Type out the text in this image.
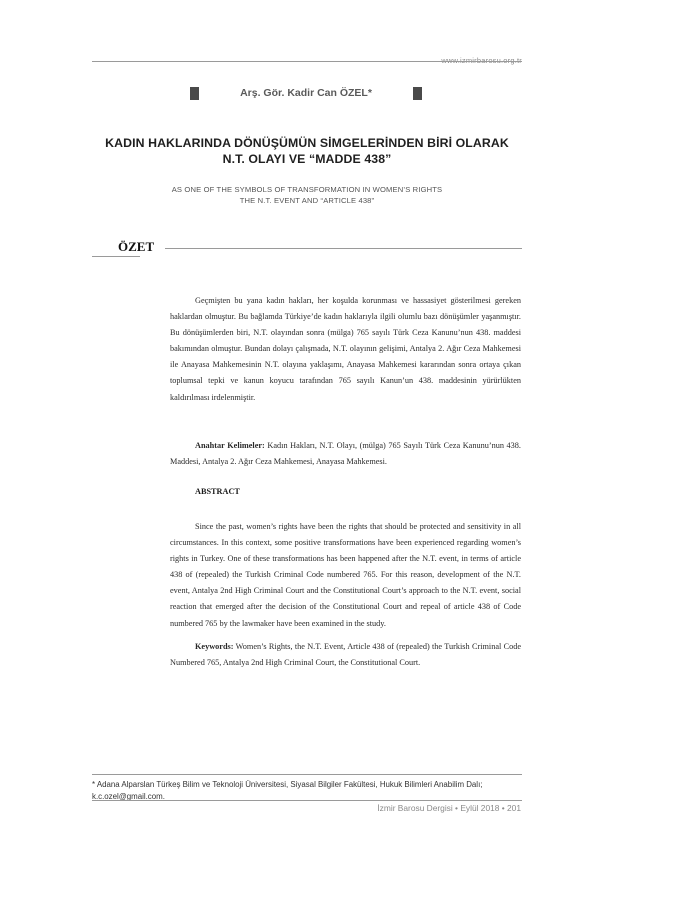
Arş. Gör. Kadir Can ÖZEL*
KADIN HAKLARINDA DÖNÜŞÜMÜN SİMGELERİNDEN BİRİ OLARAK
N.T. OLAYI VE “MADDE 438”
AS ONE OF THE SYMBOLS OF TRANSFORMATION IN WOMEN’S RIGHTS
THE N.T. EVENT AND “ARTICLE 438”
ÖZET

Geçmişten bu yana kadın hakları, her koşulda korunması ve hassasiyet gösterilmesi gereken haklardan olmuştur. Bu bağlamda Türkiye’de kadın haklarıyla ilgili olumlu bazı dönüşümler yaşanmıştır. Bu dönüşümlerden biri, N.T. olayından sonra (mülga) 765 sayılı Türk Ceza Kanunu’nun 438. maddesi bakımından olmuştur. Bundan dolayı çalışmada, N.T. olayının gelişimi, Antalya 2. Ağır Ceza Mahkemesi ile Anayasa Mahkemesinin N.T. olayına yaklaşımı, Anayasa Mahkemesi kararından sonra ortaya çıkan toplumsal tepki ve kanun koyucu tarafından 765 sayılı Kanun’un 438. maddesinin yürürlükten kaldırılması irdelenmiştir.

Anahtar Kelimeler: Kadın Hakları, N.T. Olayı, (mülga) 765 Sayılı Türk Ceza Kanunu’nun 438. Maddesi, Antalya 2. Ağır Ceza Mahkemesi, Anayasa Mahkemesi.

ABSTRACT

Since the past, women’s rights have been the rights that should be protected and sensitivity in all circumstances. In this context, some positive transformations have been experienced regarding women’s rights in Turkey. One of these transformations has been happened after the N.T. event, in terms of article 438 of (repealed) the Turkish Criminal Code numbered 765. For this reason, development of the N.T. event, Antalya 2nd High Criminal Court and the Constitutional Court’s approach to the N.T. event, social reaction that emerged after the decision of the Constitutional Court and repeal of article 438 of Code numbered 765 by the lawmaker have been examined in the study.

Keywords: Women’s Rights, the N.T. Event, Article 438 of (repealed) the Turkish Criminal Code Numbered 765, Antalya 2nd High Criminal Court, the Constitutional Court.

* Adana Alparslan Türkeş Bilim ve Teknoloji Üniversitesi, Siyasal Bilgiler Fakültesi, Hukuk Bilimleri Anabilim Dalı; k.c.ozel@gmail.com.
İzmir Barosu Dergisi • Eylül 2018 • 201
